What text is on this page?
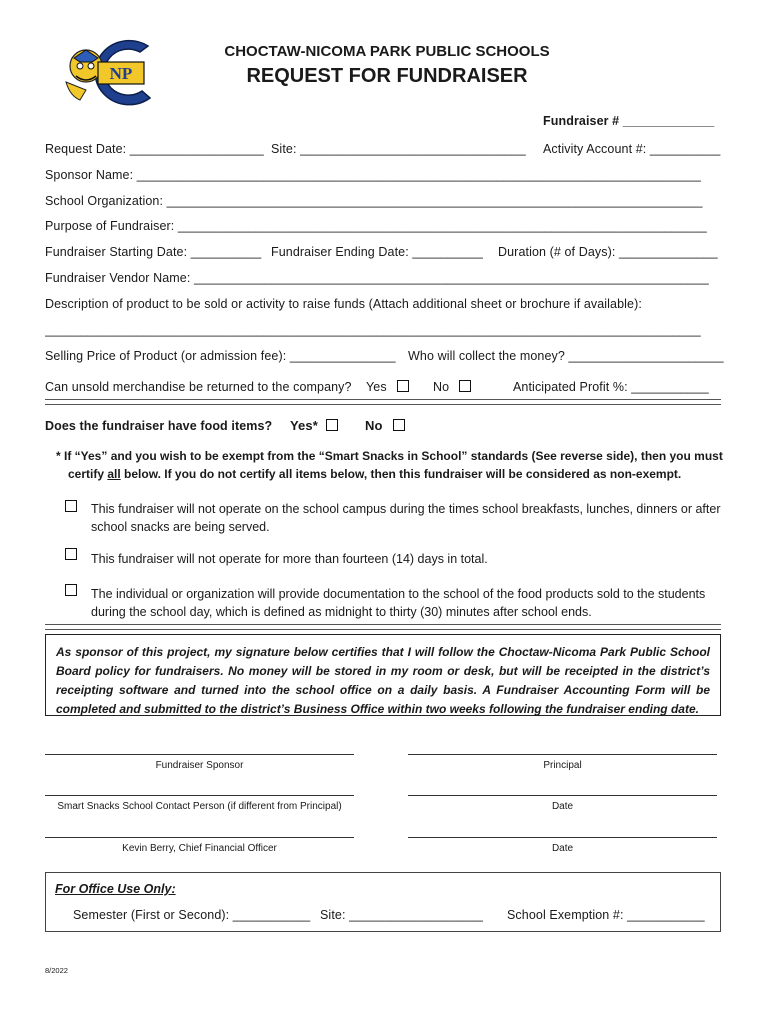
NP
CHOCTAW-NICOMA PARK PUBLIC SCHOOLS
REQUEST FOR FUNDRAISER
Fundraiser # _____________
Request Date: ___________________ Site: ________________________________ Activity Account #: __________
Sponsor Name: ________________________________________________________________________________
School Organization: ____________________________________________________________________________
Purpose of Fundraiser: ___________________________________________________________________________
Fundraiser Starting Date: __________ Fundraiser Ending Date: __________ Duration (# of Days): ______________
Fundraiser Vendor Name: _________________________________________________________________________
Description of product to be sold or activity to raise funds (Attach additional sheet or brochure if available):
_____________________________________________________________________________________________
Selling Price of Product (or admission fee): _______________ Who will collect the money? ______________________
Can unsold merchandise be returned to the company? Yes	No	Anticipated Profit %: ___________
Does the fundraiser have food items? Yes*	No
* If “Yes” and you wish to be exempt from the “Smart Snacks in School” standards (See reverse side), then you must
certify all below. If you do not certify all items below, then this fundraiser will be considered as non-exempt.
This fundraiser will not operate on the school campus during the times school breakfasts, lunches, dinners or after school snacks are being served.
This fundraiser will not operate for more than fourteen (14) days in total.
The individual or organization will provide documentation to the school of the food products sold to the students during the school day, which is defined as midnight to thirty (30) minutes after school ends.

As sponsor of this project, my signature below certifies that I will follow the Choctaw-Nicoma Park Public School Board policy for fundraisers. No money will be stored in my room or desk, but will be receipted in the district’s receipting software and turned into the school office on a daily basis. A Fundraiser Accounting Form will be completed and submitted to the district’s Business Office within two weeks following the fundraiser ending date.

Fundraiser Sponsor	Principal
Smart Snacks School Contact Person (if different from Principal)	Date
Kevin Berry, Chief Financial Officer	Date
For Office Use Only:
Semester (First or Second): ___________ Site: ___________________ School Exemption #: ___________
8/2022
